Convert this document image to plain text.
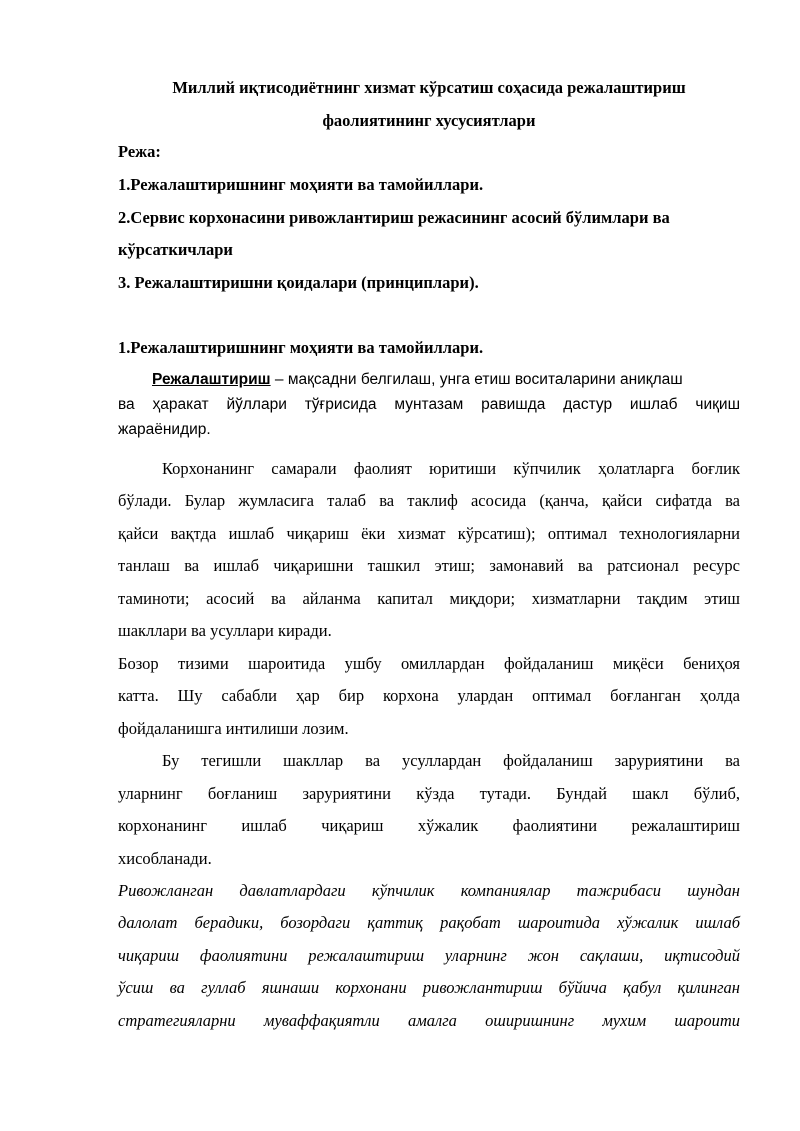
Миллий иқтисодиётнинг хизмат кўрсатиш соҳасида режалаштириш
фаолиятининг хусусиятлари
Режа:
1.Режалаштиришнинг моҳияти ва тамойиллари.
2.Сервис корхонасини ривожлантириш режасининг асосий бўлимлари ва
кўрсаткичлари
3. Режалаштиришни қоидалари (принциплари).
1.Режалаштиришнинг моҳияти ва тамойиллари.
Режалаштириш – мақсадни белгилаш, унга етиш воситаларини аниқлаш
ва ҳаракат йўллари тўғрисида мунтазам равишда дастур ишлаб чиқиш
жараёнидир.
Корхонанинг самарали фаолият юритиши кўпчилик ҳолатларга боғлик
бўлади. Булар жумласига талаб ва таклиф асосида (қанча, қайси сифатда ва
қайси вақтда ишлаб чиқариш ёки хизмат кўрсатиш); оптимал технологияларни
танлаш ва ишлаб чиқаришни ташкил этиш; замонавий ва ратсионал ресурс
таминоти; асосий ва айланма капитал миқдори; хизматларни тақдим этиш
шакллари ва усуллари киради.
Бозор тизими шароитида ушбу омиллардан фойдаланиш миқёси бениҳоя
катта. Шу сабабли ҳар бир корхона улардан оптимал боғланган ҳолда
фойдаланишга интилиши лозим.
Бу тегишли шакллар ва усуллардан фойдаланиш заруриятини ва
уларнинг боғланиш заруриятини кўзда тутади. Бундай шакл бўлиб,
корхонанинг ишлаб чиқариш хўжалик фаолиятини режалаштириш
хисобланади.
Ривожланган давлатлардаги кўпчилик компаниялар тажрибаси шундан
далолат берадики, бозордаги қаттиқ рақобат шароитида хўжалик ишлаб
чиқариш фаолиятини режалаштириш уларнинг жон сақлаши, иқтисодий
ўсиш ва гуллаб яшнаши корхонани ривожлантириш бўйича қабул қилинган
стратегияларни муваффақиятли амалга оширишнинг мухим шароити
